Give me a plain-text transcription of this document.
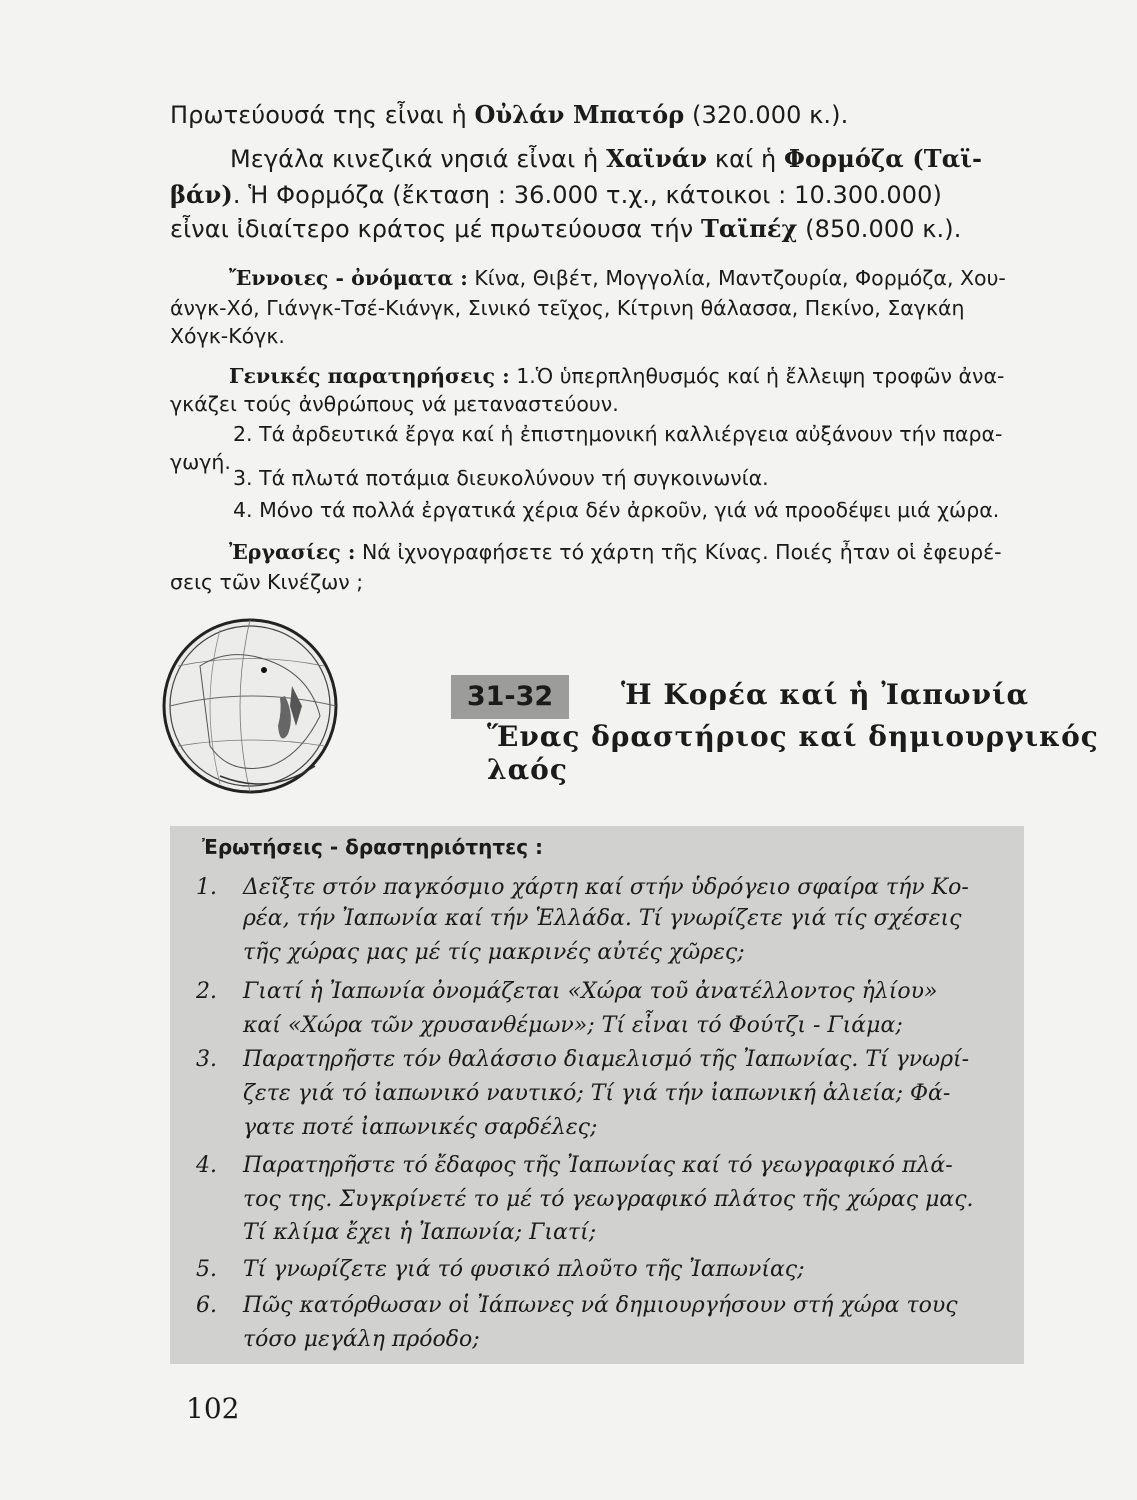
Πρωτεύουσά της εἶναι ἡ Οὐλάν Μπατόρ (320.000 κ.).
Μεγάλα κινεζικά νησιά εἶναι ἡ Χαϊνάν καί ἡ Φορμόζα (Ταϊ-
βάν). Ἡ Φορμόζα (ἔκταση : 36.000 τ.χ., κάτοικοι : 10.300.000)
εἶναι ἰδιαίτερο κράτος μέ πρωτεύουσα τήν Ταϊπέχ (850.000 κ.).
Ἔννοιες - ὀνόματα : Κίνα, Θιβέτ, Μογγολία, Μαντζουρία, Φορμόζα, Χου-
άνγκ-Χό, Γιάνγκ-Τσέ-Κιάνγκ, Σινικό τεῖχος, Κίτρινη θάλασσα, Πεκίνο, Σαγκάη
Χόγκ-Κόγκ.
Γενικές παρατηρήσεις : 1.Ὁ ὑπερπληθυσμός καί ἡ ἔλλειψη τροφῶν ἀνα-
γκάζει τούς ἀνθρώπους νά μεταναστεύουν.
2. Τά ἀρδευτικά ἔργα καί ἡ ἐπιστημονική καλλιέργεια αὐξάνουν τήν παρα-
γωγή.
3. Τά πλωτά ποτάμια διευκολύνουν τή συγκοινωνία.
4. Μόνο τά πολλά ἐργατικά χέρια δέν ἀρκοῦν, γιά νά προοδέψει μιά χώρα.
Ἐργασίες : Νά ἰχνογραφήσετε τό χάρτη τῆς Κίνας. Ποιές ἦταν οἱ ἐφευρέ-
σεις τῶν Κινέζων ;
31-32	Ἡ Κορέα καί ἡ Ἰαπωνία
Ἕνας δραστήριος καί δημιουργικός λαός
Ἐρωτήσεις - δραστηριότητες :
1. Δεῖξτε στόν παγκόσμιο χάρτη καί στήν ὑδρόγειο σφαίρα τήν Κο-
ρέα, τήν Ἰαπωνία καί τήν Ἑλλάδα. Τί γνωρίζετε γιά τίς σχέσεις
τῆς χώρας μας μέ τίς μακρινές αὐτές χῶρες;
2. Γιατί ἡ Ἰαπωνία ὀνομάζεται «Χώρα τοῦ ἀνατέλλοντος ἡλίου»
καί «Χώρα τῶν χρυσανθέμων»; Τί εἶναι τό Φούτζι - Γιάμα;
3. Παρατηρῆστε τόν θαλάσσιο διαμελισμό τῆς Ἰαπωνίας. Τί γνωρί-
ζετε γιά τό ἰαπωνικό ναυτικό; Τί γιά τήν ἰαπωνική ἁλιεία; Φά-
γατε ποτέ ἰαπωνικές σαρδέλες;
4. Παρατηρῆστε τό ἔδαφος τῆς Ἰαπωνίας καί τό γεωγραφικό πλά-
τος της. Συγκρίνετέ το μέ τό γεωγραφικό πλάτος τῆς χώρας μας.
Τί κλίμα ἔχει ἡ Ἰαπωνία; Γιατί;
5. Τί γνωρίζετε γιά τό φυσικό πλοῦτο τῆς Ἰαπωνίας;
6. Πῶς κατόρθωσαν οἱ Ἰάπωνες νά δημιουργήσουν στή χώρα τους
τόσο μεγάλη πρόοδο;
102
